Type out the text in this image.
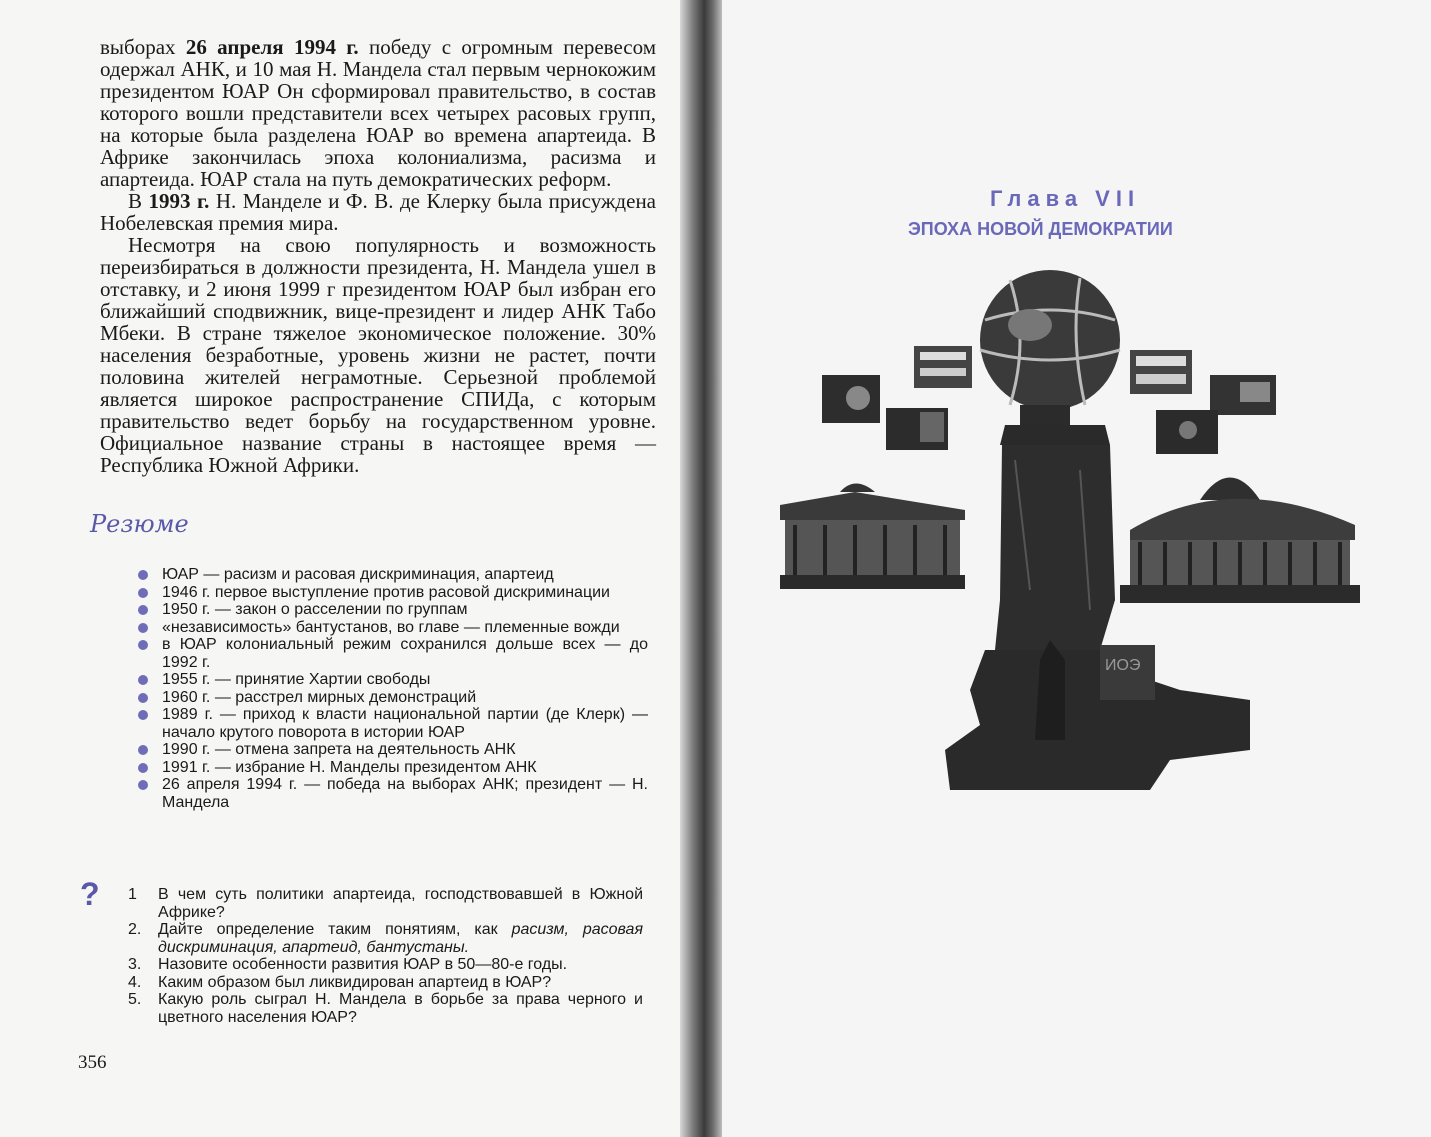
выборах 26 апреля 1994 г. победу с огромным перевесом одержал АНК, и 10 мая Н. Мандела стал первым чернокожим президентом ЮАР Он сформировал правительство, в состав которого вошли представители всех четырех расовых групп, на которые была разделена ЮАР во времена апартеида. В Африке закончилась эпоха колониализма, расизма и апартеида. ЮАР стала на путь демократических реформ.

В 1993 г. Н. Манделе и Ф. В. де Клерку была присуждена Нобелевская премия мира.

Несмотря на свою популярность и возможность переизбираться в должности президента, Н. Мандела ушел в отставку, и 2 июня 1999 г президентом ЮАР был избран его ближайший сподвижник, вице-президент и лидер АНК Табо Мбеки. В стране тяжелое экономическое положение. 30% населения безработные, уровень жизни не растет, почти половина жителей неграмотные. Серьезной проблемой является широкое распространение СПИДа, с которым правительство ведет борьбу на государственном уровне. Официальное название страны в настоящее время — Республика Южной Африки.

Резюме
ЮАР — расизм и расовая дискриминация, апартеид
1946 г. первое выступление против расовой дискриминации
1950 г. — закон о расселении по группам
«независимость» бантустанов, во главе — племенные вожди
в ЮАР колониальный режим сохранился дольше всех — до 1992 г.
1955 г. — принятие Хартии свободы
1960 г. — расстрел мирных демонстраций
1989 г. — приход к власти национальной партии (де Клерк) — начало крутого поворота в истории ЮАР
1990 г. — отмена запрета на деятельность АНК
1991 г. — избрание Н. Манделы президентом АНК
26 апреля 1994 г. — победа на выборах АНК; президент — Н. Мандела
? 1 В чем суть политики апартеида, господствовавшей в Южной Африке?
2. Дайте определение таким понятиям, как расизм, расовая дискриминация, апартеид, бантустаны.
3. Назовите особенности развития ЮАР в 50—80-е годы.
4. Каким образом был ликвидирован апартеид в ЮАР?
5. Какую роль сыграл Н. Мандела в борьбе за права черного и цветного населения ЮАР?
356
Глава VII
ЭПОХА НОВОЙ ДЕМОКРАТИИ
ИОЭ
